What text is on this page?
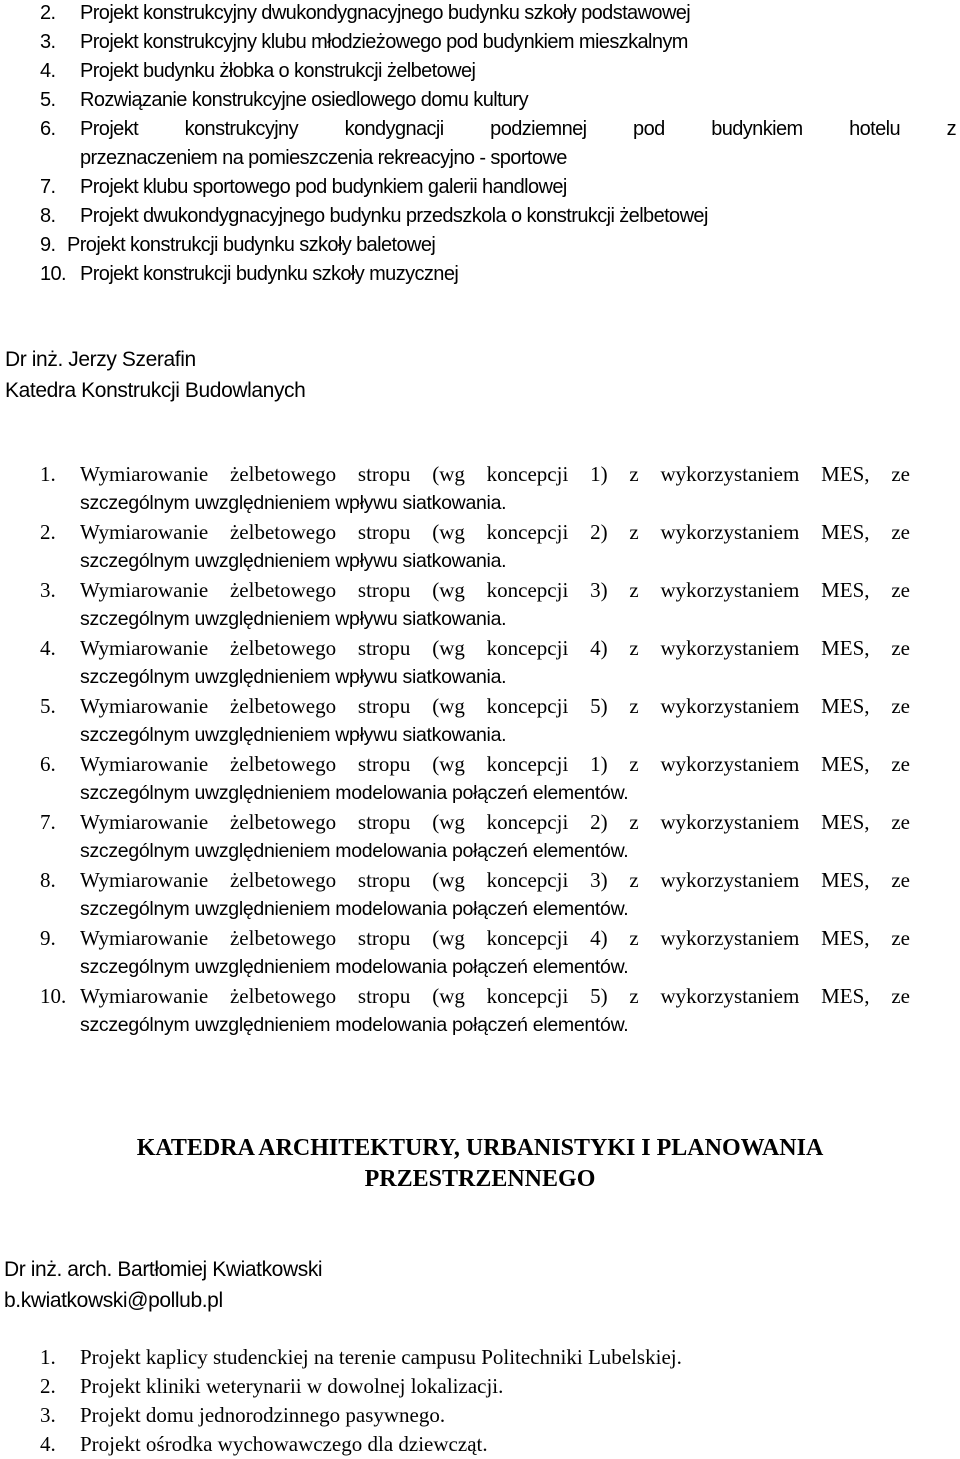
2. Projekt konstrukcyjny dwukondygnacyjnego budynku szkoły podstawowej
3. Projekt konstrukcyjny klubu młodzieżowego pod budynkiem mieszkalnym
4. Projekt budynku żłobka o konstrukcji żelbetowej
5. Rozwiązanie konstrukcyjne osiedlowego domu kultury
6. Projekt konstrukcyjny kondygnacji podziemnej pod budynkiem hotelu z
przeznaczeniem na pomieszczenia rekreacyjno - sportowe
7. Projekt klubu sportowego pod budynkiem galerii handlowej
8. Projekt dwukondygnacyjnego budynku przedszkola o konstrukcji żelbetowej
9. Projekt konstrukcji budynku szkoły baletowej
10. Projekt konstrukcji budynku szkoły muzycznej
Dr inż. Jerzy Szerafin
Katedra Konstrukcji Budowlanych
1. Wymiarowanie żelbetowego stropu (wg koncepcji 1) z wykorzystaniem MES, ze
szczególnym uwzględnieniem wpływu siatkowania.
2. Wymiarowanie żelbetowego stropu (wg koncepcji 2) z wykorzystaniem MES, ze
szczególnym uwzględnieniem wpływu siatkowania.
3. Wymiarowanie żelbetowego stropu (wg koncepcji 3) z wykorzystaniem MES, ze
szczególnym uwzględnieniem wpływu siatkowania.
4. Wymiarowanie żelbetowego stropu (wg koncepcji 4) z wykorzystaniem MES, ze
szczególnym uwzględnieniem wpływu siatkowania.
5. Wymiarowanie żelbetowego stropu (wg koncepcji 5) z wykorzystaniem MES, ze
szczególnym uwzględnieniem wpływu siatkowania.
6. Wymiarowanie żelbetowego stropu (wg koncepcji 1) z wykorzystaniem MES, ze
szczególnym uwzględnieniem modelowania połączeń elementów.
7. Wymiarowanie żelbetowego stropu (wg koncepcji 2) z wykorzystaniem MES, ze
szczególnym uwzględnieniem modelowania połączeń elementów.
8. Wymiarowanie żelbetowego stropu (wg koncepcji 3) z wykorzystaniem MES, ze
szczególnym uwzględnieniem modelowania połączeń elementów.
9. Wymiarowanie żelbetowego stropu (wg koncepcji 4) z wykorzystaniem MES, ze
szczególnym uwzględnieniem modelowania połączeń elementów.
10. Wymiarowanie żelbetowego stropu (wg koncepcji 5) z wykorzystaniem MES, ze
szczególnym uwzględnieniem modelowania połączeń elementów.
KATEDRA ARCHITEKTURY, URBANISTYKI I PLANOWANIA
PRZESTRZENNEGO
Dr inż. arch. Bartłomiej Kwiatkowski
b.kwiatkowski@pollub.pl
1. Projekt kaplicy studenckiej na terenie campusu Politechniki Lubelskiej.
2. Projekt kliniki weterynarii w dowolnej lokalizacji.
3. Projekt domu jednorodzinnego pasywnego.
4. Projekt ośrodka wychowawczego dla dziewcząt.
